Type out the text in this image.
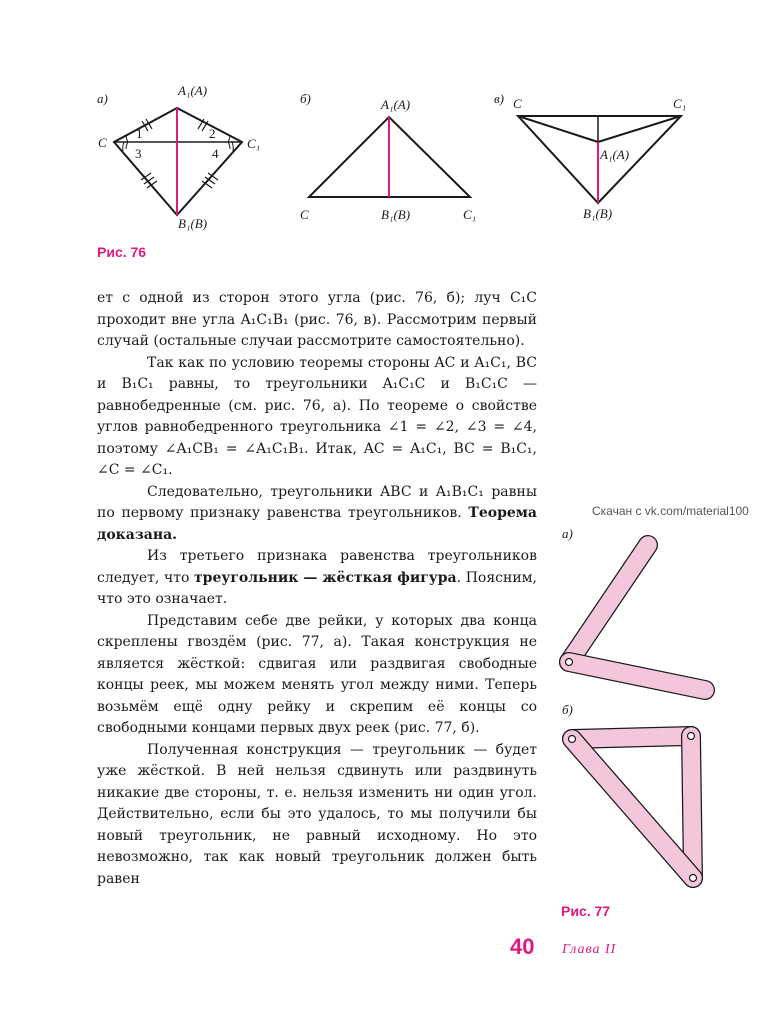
а)
A₁(A)
C	C₁
B₁(B)
1	2
3	4
б)	A₁(A)
C	B₁(B)	C₁
в) C	C₁
A₁(A)
B₁(B)
Рис. 76

ет с одной из сторон этого угла (рис. 76, б); луч C₁C проходит вне угла A₁C₁B₁ (рис. 76, в). Рассмотрим первый случай (остальные случаи рассмотрите самостоятельно).

Так как по условию теоремы стороны AC и A₁C₁, BC и B₁C₁ равны, то треугольники A₁C₁C и B₁C₁C — равнобедренные (см. рис. 76, а). По теореме о свойстве углов равнобедренного треугольника ∠1 = ∠2, ∠3 = ∠4, поэтому ∠A₁CB₁ = ∠A₁C₁B₁. Итак, AC = A₁C₁, BC = B₁C₁, ∠C = ∠C₁.

Следовательно, треугольники ABC и A₁B₁C₁ равны по первому признаку равенства треугольников. Теорема доказана.

Из третьего признака равенства треугольников следует, что треугольник — жёсткая фигура. Поясним, что это означает.

Представим себе две рейки, у которых два конца скреплены гвоздём (рис. 77, а). Такая конструкция не является жёсткой: сдвигая или раздвигая свободные концы реек, мы можем менять угол между ними. Теперь возьмём ещё одну рейку и скрепим её концы со свободными концами первых двух реек (рис. 77, б).

Полученная конструкция — треугольник — будет уже жёсткой. В ней нельзя сдвинуть или раздвинуть никакие две стороны, т. е. нельзя изменить ни один угол. Действительно, если бы это удалось, то мы получили бы новый треугольник, не равный исходному. Но это невозможно, так как новый треугольник должен быть равен

Скачан с vk.com/material100
а)
б)
Рис. 77
40 Глава II
